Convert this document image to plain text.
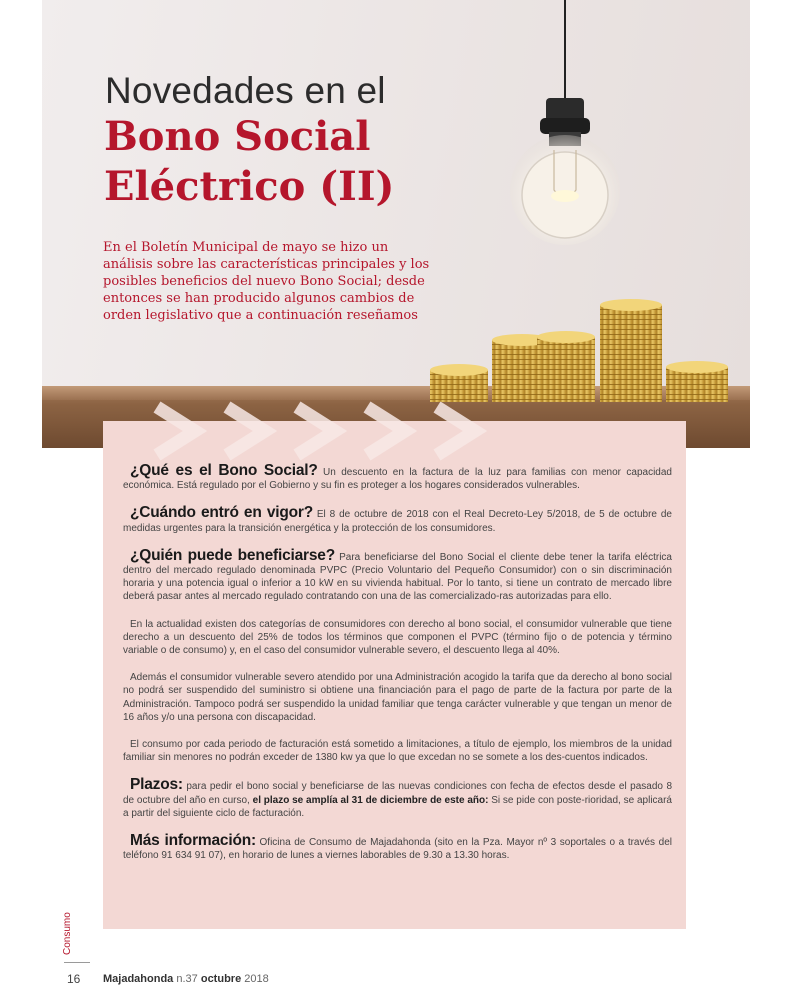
Novedades en el
Bono Social
Eléctrico (II)

En el Boletín Municipal de mayo se hizo un
análisis sobre las características principales y los
posibles beneficios del nuevo Bono Social; desde
entonces se han producido algunos cambios de
orden legislativo que a continuación reseñamos

¿Qué es el Bono Social? Un descuento en la factura de la luz para familias con menor capacidad económica. Está regulado por el Gobierno y su fin es proteger a los hogares considerados vulnerables.

¿Cuándo entró en vigor? El 8 de octubre de 2018 con el Real Decreto-Ley 5/2018, de 5 de octubre de medidas urgentes para la transición energética y la protección de los consumidores.

¿Quién puede beneficiarse? Para beneficiarse del Bono Social el cliente debe tener la tarifa eléctrica dentro del mercado regulado denominada PVPC (Precio Voluntario del Pequeño Consumidor) con o sin discriminación horaria y una potencia igual o inferior a 10 kW en su vivienda habitual. Por lo tanto, si tiene un contrato de mercado libre deberá pasar antes al mercado regulado contratando con una de las comercializado-ras autorizadas para ello.

En la actualidad existen dos categorías de consumidores con derecho al bono social, el consumidor vulnerable que tiene derecho a un descuento del 25% de todos los términos que componen el PVPC (término fijo o de potencia y término variable o de consumo) y, en el caso del consumidor vulnerable severo, el descuento llega al 40%.

Además el consumidor vulnerable severo atendido por una Administración acogido la tarifa que da derecho al bono social no podrá ser suspendido del suministro si obtiene una financiación para el pago de parte de la factura por parte de la Administración. Tampoco podrá ser suspendido la unidad familiar que tenga carácter vulnerable y que tengan un menor de 16 años y/o una persona con discapacidad.

El consumo por cada periodo de facturación está sometido a limitaciones, a título de ejemplo, los miembros de la unidad familiar sin menores no podrán exceder de 1380 kw ya que lo que excedan no se somete a los des-cuentos indicados.

Plazos: para pedir el bono social y beneficiarse de las nuevas condiciones con fecha de efectos desde el pasado 8 de octubre del año en curso, el plazo se amplía al 31 de diciembre de este año: Si se pide con poste-rioridad, se aplicará a partir del siguiente ciclo de facturación.

Más información: Oficina de Consumo de Majadahonda (sito en la Pza. Mayor nº 3 soportales o a través del teléfono 91 634 91 07), en horario de lunes a viernes laborables de 9.30 a 13.30 horas.

Consumo
16 Majadahonda n.37 octubre 2018
